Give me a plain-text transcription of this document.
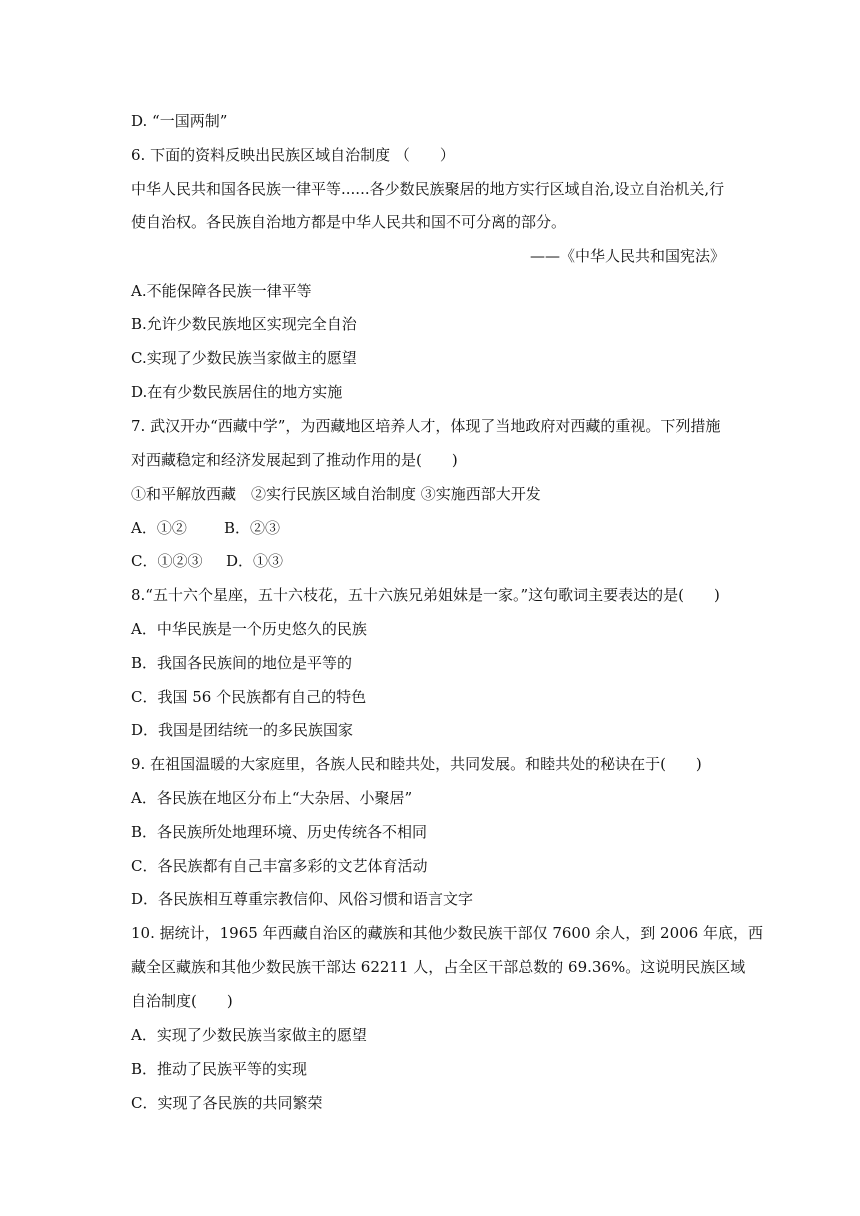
D. “一国两制”
6. 下面的资料反映出民族区域自治制度 （　　）
中华人民共和国各民族一律平等......各少数民族聚居的地方实行区域自治,设立自治机关,行
使自治权。各民族自治地方都是中华人民共和国不可分离的部分。
——《中华人民共和国宪法》
A.不能保障各民族一律平等
B.允许少数民族地区实现完全自治
C.实现了少数民族当家做主的愿望
D.在有少数民族居住的地方实施
7. 武汉开办“西藏中学”，为西藏地区培养人才，体现了当地政府对西藏的重视。下列措施
对西藏稳定和经济发展起到了推动作用的是(　　)
①和平解放西藏　②实行民族区域自治制度 ③实施西部大开发
A．①② B．②③
C．①②③ D．①③
8.“五十六个星座，五十六枝花，五十六族兄弟姐妹是一家。”这句歌词主要表达的是(　　)
A．中华民族是一个历史悠久的民族
B．我国各民族间的地位是平等的
C．我国 56 个民族都有自己的特色
D．我国是团结统一的多民族国家
9. 在祖国温暖的大家庭里，各族人民和睦共处，共同发展。和睦共处的秘诀在于(　　)
A．各民族在地区分布上“大杂居、小聚居”
B．各民族所处地理环境、历史传统各不相同
C．各民族都有自己丰富多彩的文艺体育活动
D．各民族相互尊重宗教信仰、风俗习惯和语言文字
10. 据统计，1965 年西藏自治区的藏族和其他少数民族干部仅 7600 余人，到 2006 年底，西
藏全区藏族和其他少数民族干部达 62211 人，占全区干部总数的 69.36%。这说明民族区域
自治制度(　　)
A．实现了少数民族当家做主的愿望
B．推动了民族平等的实现
C．实现了各民族的共同繁荣
